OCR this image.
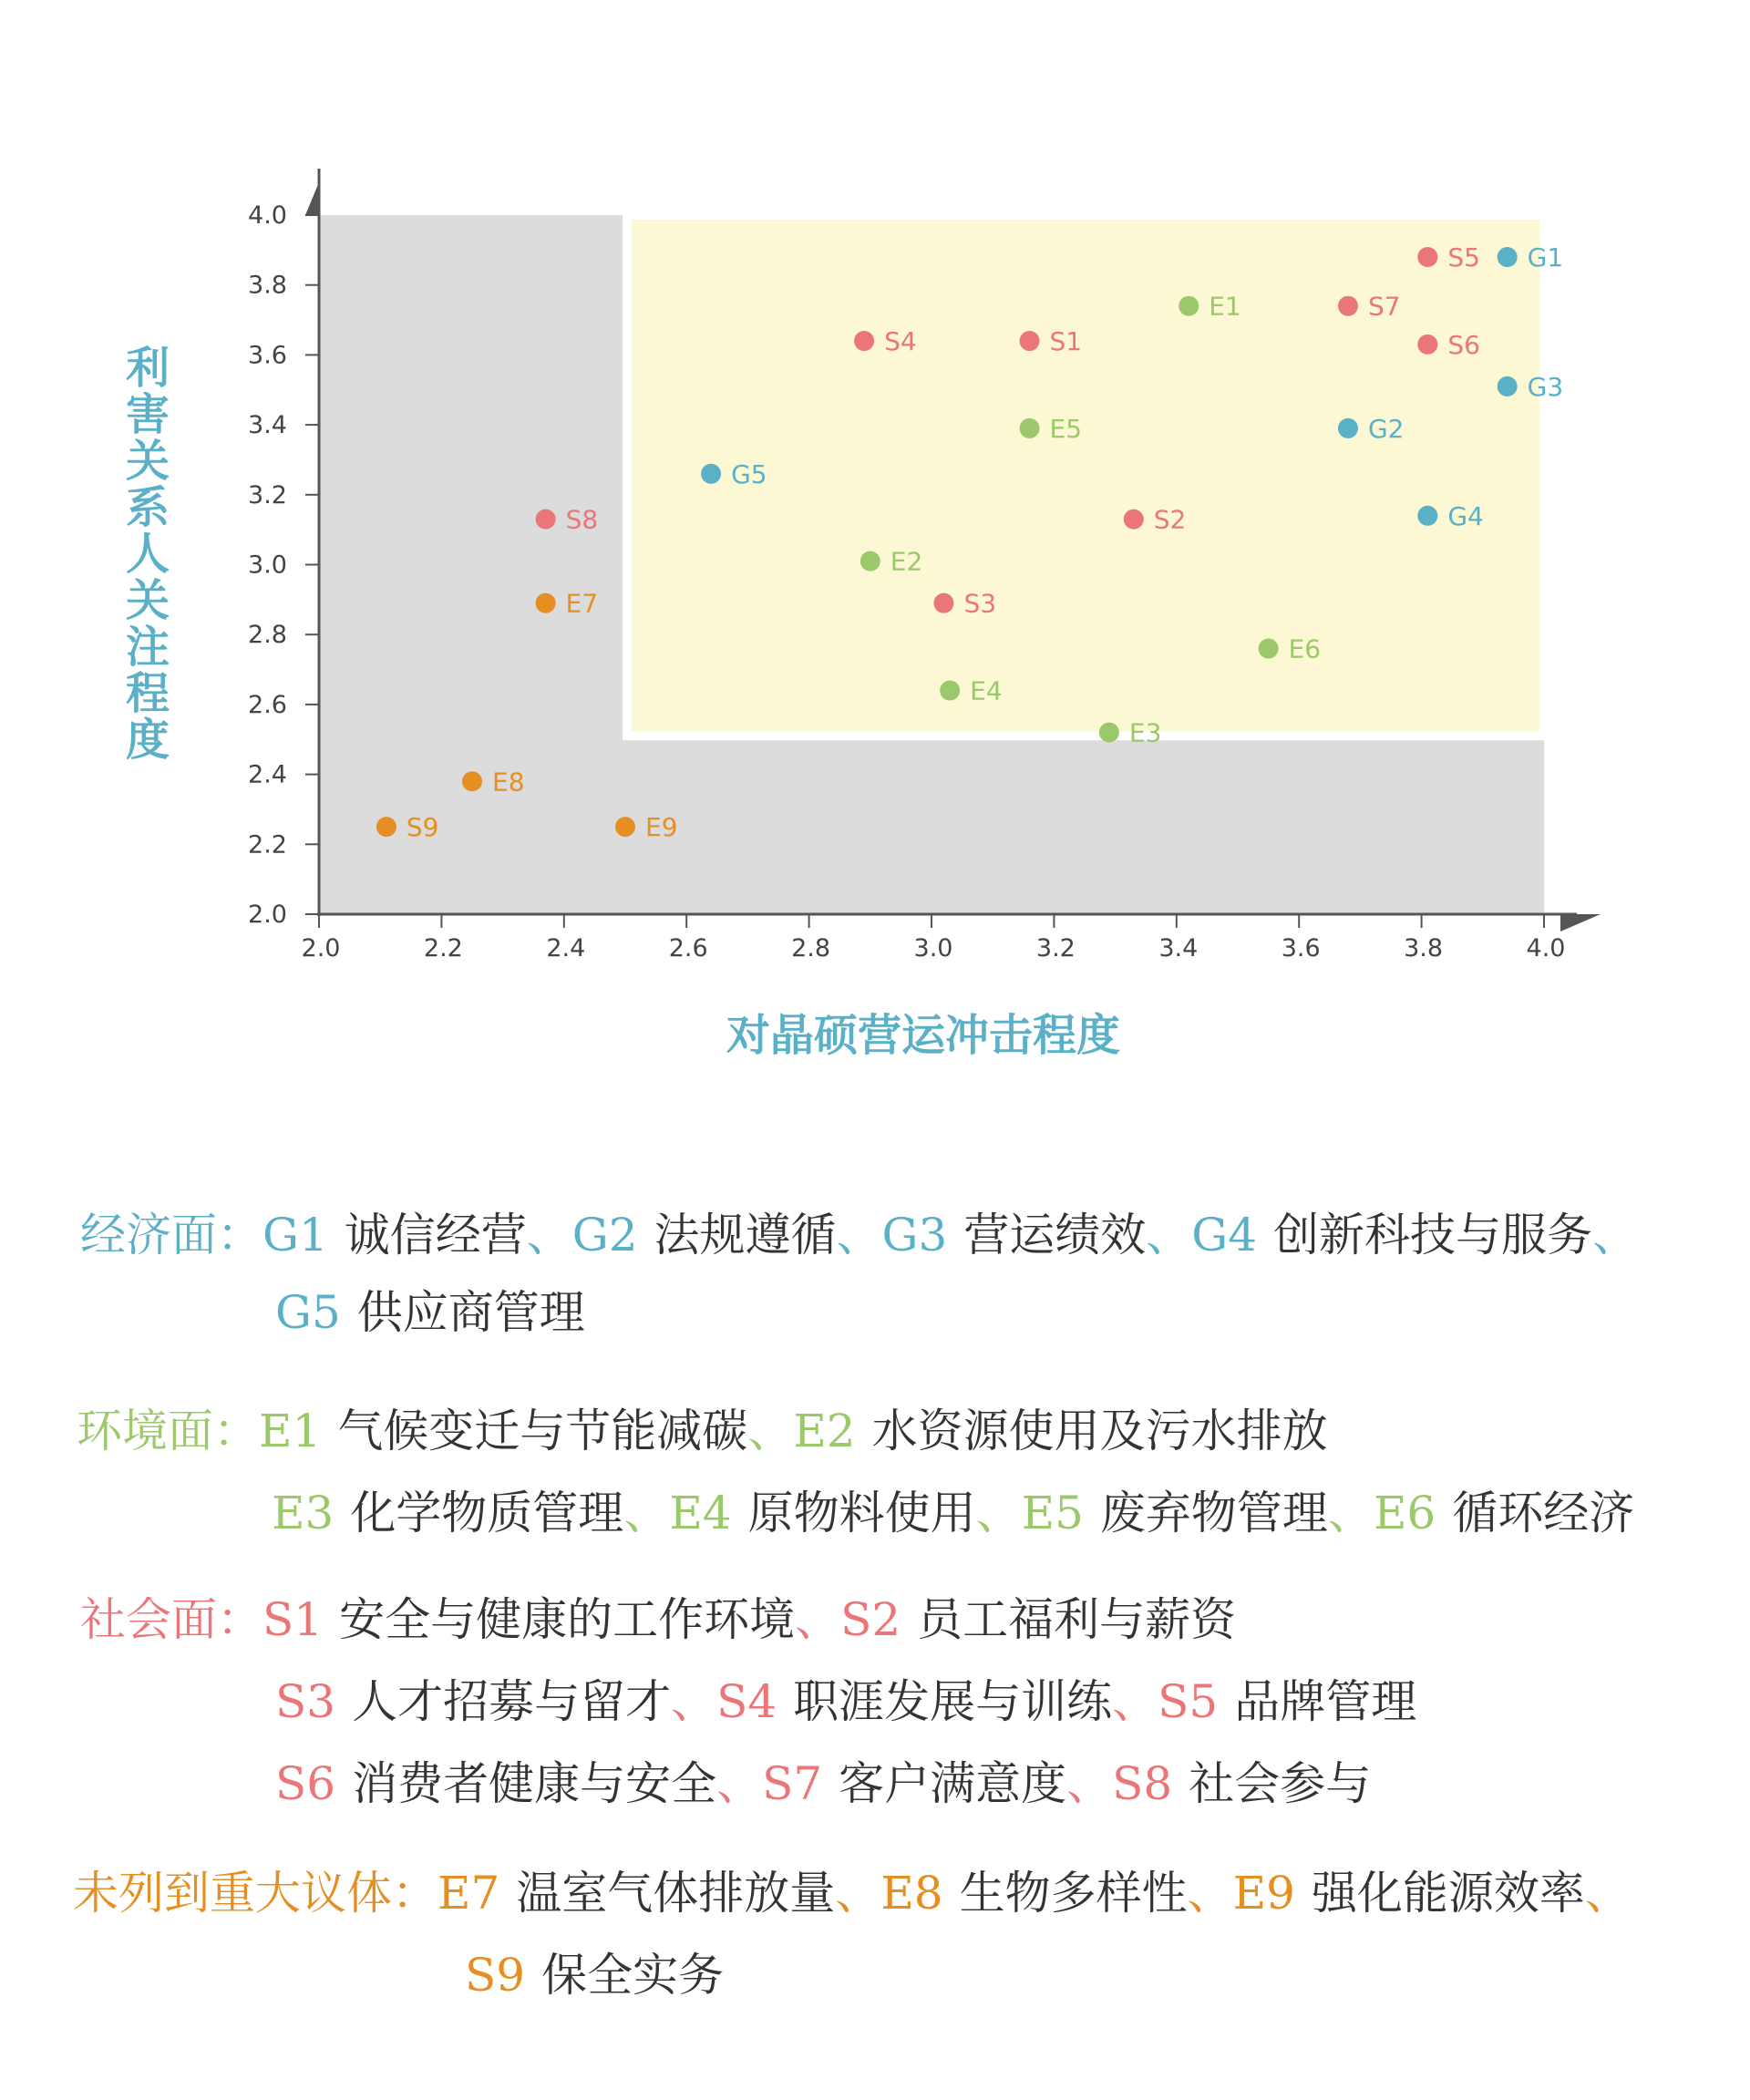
2.0
2.2
2.4
2.6
2.8
3.0
3.2
3.4
3.6
3.8
4.0
2.0	2.2	2.4	2.6	2.8	3.0	3.2	3.4	3.6	3.8	4.0
对晶硕营运冲击程度
利害关系人关注程度
G1
G2
G3
G4
G5
E1
E2
E3
E4
E5
E6
S1
S2
S3
S4
S5
S6
S7
S8
E7
E8
E9
S9
经济面：G1 诚信经营、G2 法规遵循、G3 营运绩效、G4 创新科技与服务、
G5 供应商管理
环境面：E1 气候变迁与节能减碳、E2 水资源使用及污水排放
E3 化学物质管理、E4 原物料使用、E5 废弃物管理、E6 循环经济
社会面：S1 安全与健康的工作环境、S2 员工福利与薪资
S3 人才招募与留才、S4 职涯发展与训练、S5 品牌管理
S6 消费者健康与安全、S7 客户满意度、S8 社会参与
未列到重大议体：E7 温室气体排放量、E8 生物多样性、E9 强化能源效率、
S9 保全实务
